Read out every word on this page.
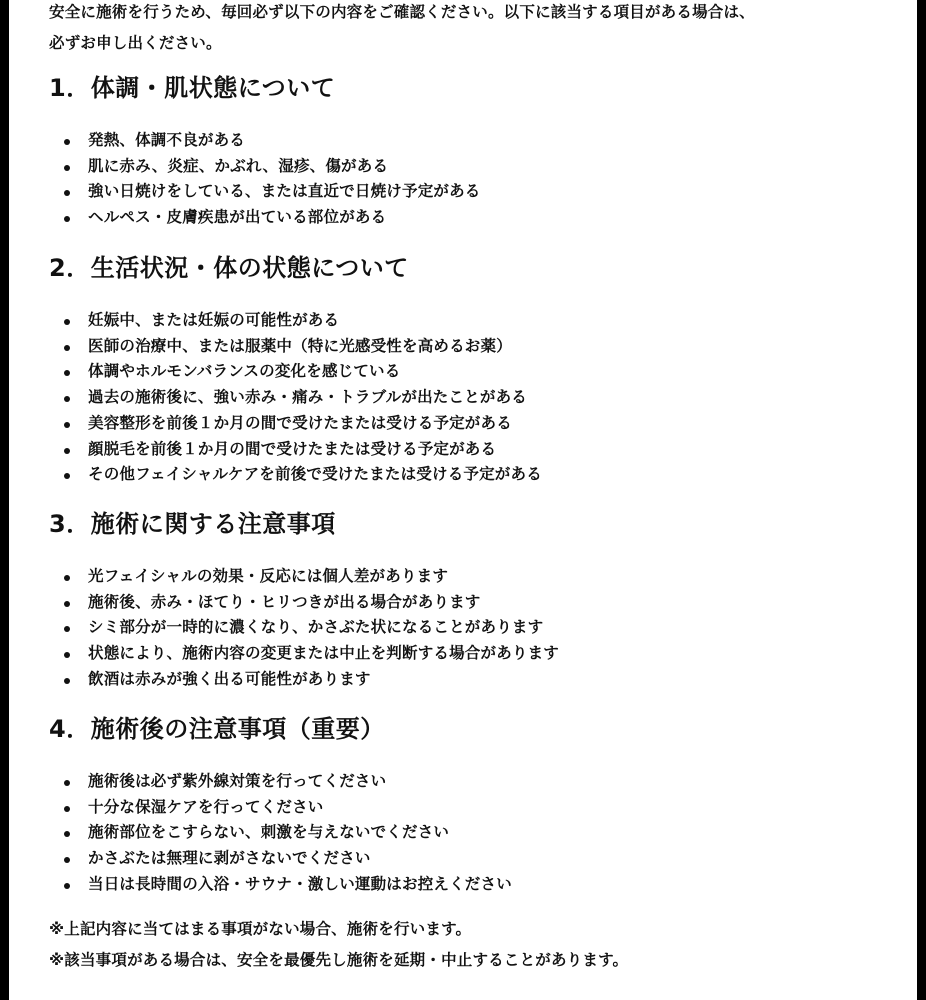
安全に施術を行うため、毎回必ず以下の内容をご確認ください。以下に該当する項目がある場合は、

必ずお申し出ください。

1．体調・肌状態について
発熱、体調不良がある
肌に赤み、炎症、かぶれ、湿疹、傷がある
強い日焼けをしている、または直近で日焼け予定がある
ヘルペス・皮膚疾患が出ている部位がある
2．生活状況・体の状態について
妊娠中、または妊娠の可能性がある
医師の治療中、または服薬中（特に光感受性を高めるお薬）
体調やホルモンバランスの変化を感じている
過去の施術後に、強い赤み・痛み・トラブルが出たことがある
美容整形を前後１か月の間で受けたまたは受ける予定がある
顔脱毛を前後１か月の間で受けたまたは受ける予定がある
その他フェイシャルケアを前後で受けたまたは受ける予定がある
3．施術に関する注意事項
光フェイシャルの効果・反応には個人差があります
施術後、赤み・ほてり・ヒリつきが出る場合があります
シミ部分が一時的に濃くなり、かさぶた状になることがあります
状態により、施術内容の変更または中止を判断する場合があります
飲酒は赤みが強く出る可能性があります
4．施術後の注意事項（重要）
施術後は必ず紫外線対策を行ってください
十分な保湿ケアを行ってください
施術部位をこすらない、刺激を与えないでください
かさぶたは無理に剥がさないでください
当日は長時間の入浴・サウナ・激しい運動はお控えください

※上記内容に当てはまる事項がない場合、施術を行います。

※該当事項がある場合は、安全を最優先し施術を延期・中止することがあります。
